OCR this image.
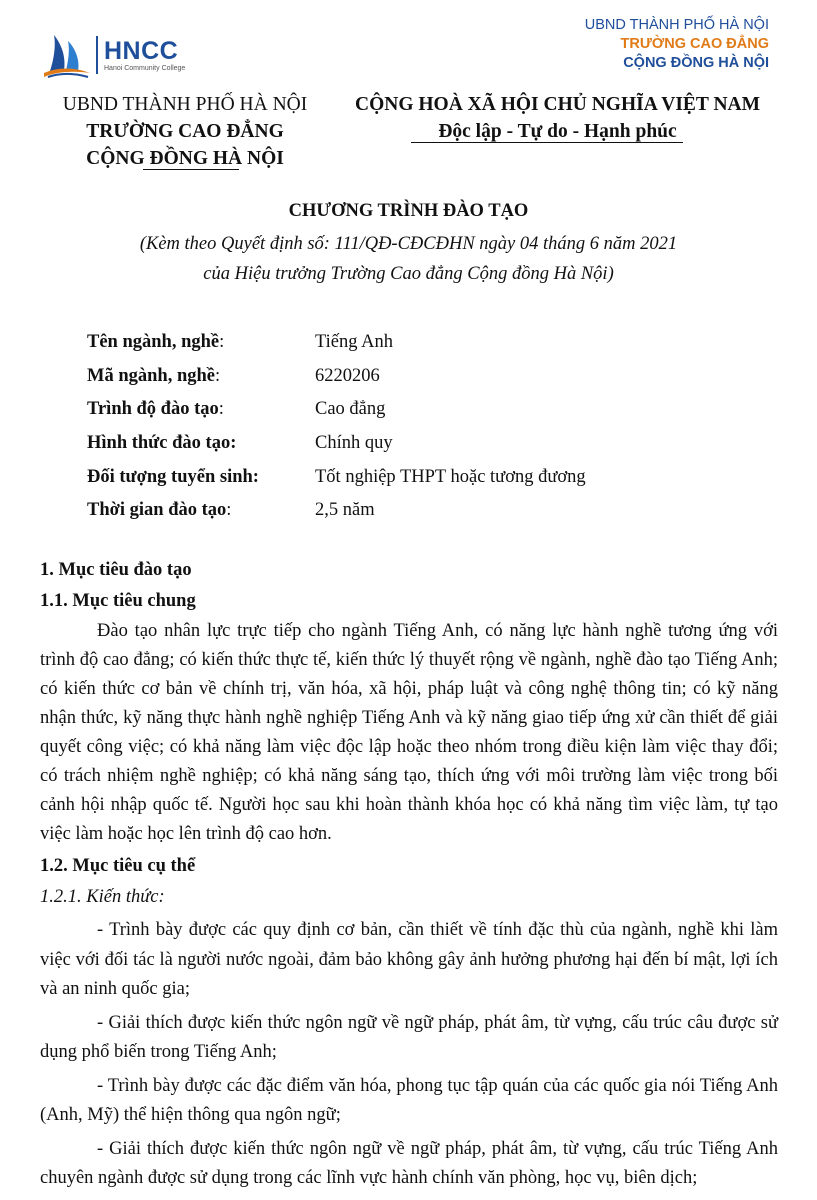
HNCC
Hanoi Community College
UBND THÀNH PHỐ HÀ NỘI
TRƯỜNG CAO ĐẲNG
CỘNG ĐỒNG HÀ NỘI
UBND THÀNH PHỐ HÀ NỘI
TRƯỜNG CAO ĐẲNG
CỘNG ĐỒNG HÀ NỘI
CỘNG HOÀ XÃ HỘI CHỦ NGHĨA VIỆT NAM
Độc lập - Tự do - Hạnh phúc
CHƯƠNG TRÌNH ĐÀO TẠO
(Kèm theo Quyết định số: 111/QĐ-CĐCĐHN ngày 04 tháng 6 năm 2021
của Hiệu trưởng Trường Cao đẳng Cộng đồng Hà Nội)
Tên ngành, nghề:	Tiếng Anh
Mã ngành, nghề:	6220206
Trình độ đào tạo:	Cao đẳng
Hình thức đào tạo:	Chính quy
Đối tượng tuyển sinh:	Tốt nghiệp THPT hoặc tương đương
Thời gian đào tạo:	2,5 năm
1. Mục tiêu đào tạo
1.1. Mục tiêu chung
Đào tạo nhân lực trực tiếp cho ngành Tiếng Anh, có năng lực hành nghề tương ứng với trình độ cao đẳng; có kiến thức thực tế, kiến thức lý thuyết rộng về ngành, nghề đào tạo Tiếng Anh; có kiến thức cơ bản về chính trị, văn hóa, xã hội, pháp luật và công nghệ thông tin; có kỹ năng nhận thức, kỹ năng thực hành nghề nghiệp Tiếng Anh và kỹ năng giao tiếp ứng xử cần thiết để giải quyết công việc; có khả năng làm việc độc lập hoặc theo nhóm trong điều kiện làm việc thay đổi; có trách nhiệm nghề nghiệp; có khả năng sáng tạo, thích ứng với môi trường làm việc trong bối cảnh hội nhập quốc tế. Người học sau khi hoàn thành khóa học có khả năng tìm việc làm, tự tạo việc làm hoặc học lên trình độ cao hơn.
1.2. Mục tiêu cụ thể
1.2.1. Kiến thức:
- Trình bày được các quy định cơ bản, cần thiết về tính đặc thù của ngành, nghề khi làm việc với đối tác là người nước ngoài, đảm bảo không gây ảnh hưởng phương hại đến bí mật, lợi ích và an ninh quốc gia;
- Giải thích được kiến thức ngôn ngữ về ngữ pháp, phát âm, từ vựng, cấu trúc câu được sử dụng phổ biến trong Tiếng Anh;
- Trình bày được các đặc điểm văn hóa, phong tục tập quán của các quốc gia nói Tiếng Anh (Anh, Mỹ) thể hiện thông qua ngôn ngữ;
- Giải thích được kiến thức ngôn ngữ về ngữ pháp, phát âm, từ vựng, cấu trúc Tiếng Anh chuyên ngành được sử dụng trong các lĩnh vực hành chính văn phòng, học vụ, biên dịch;
